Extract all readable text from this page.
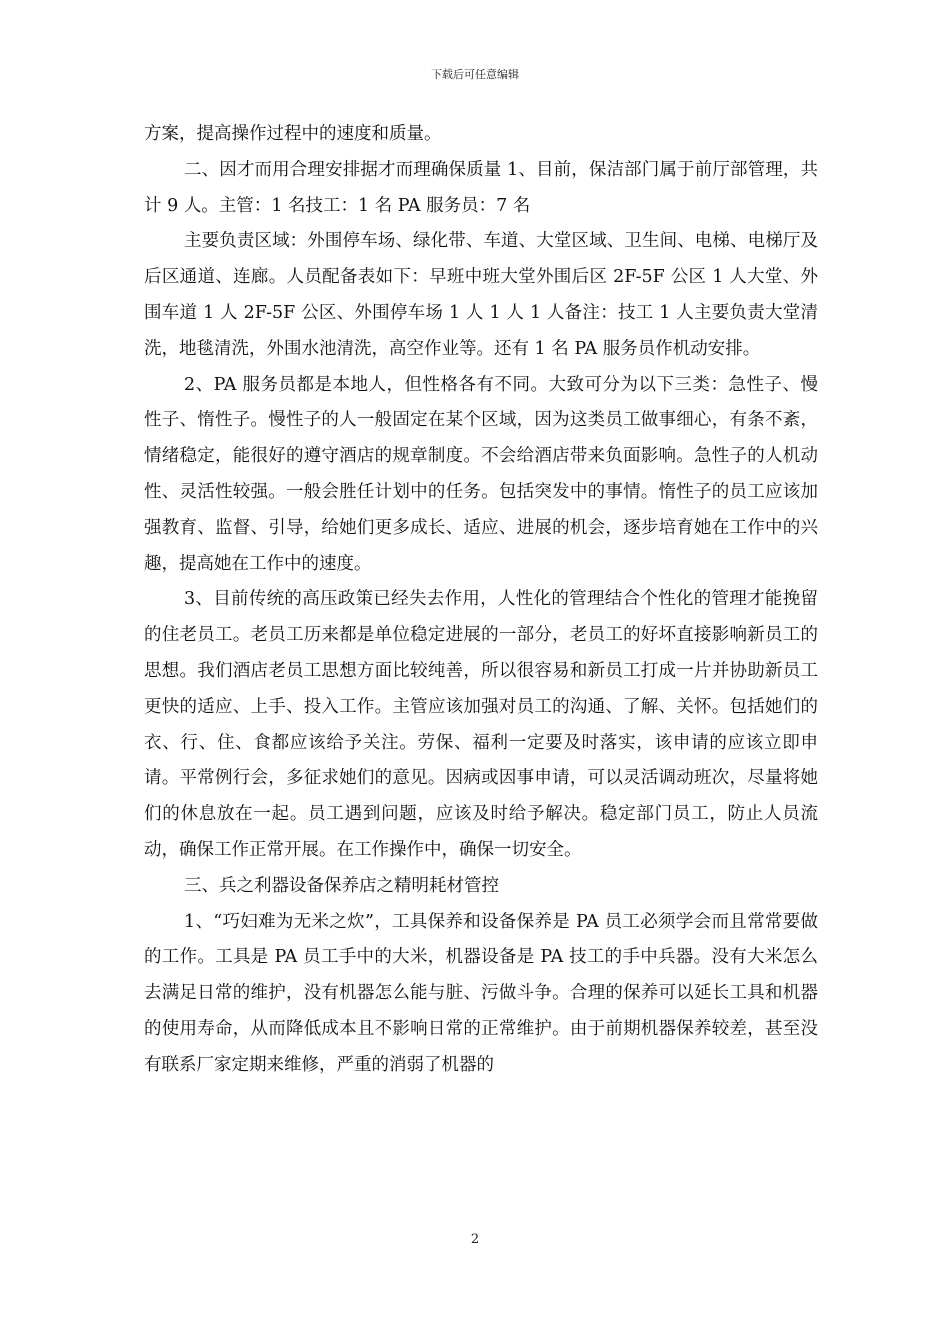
下载后可任意编辑

方案，提高操作过程中的速度和质量。

二、因才而用合理安排据才而理确保质量 1、目前，保洁部门属于前厅部管理，共计 9 人。主管：1 名技工：1 名 PA 服务员：7 名

主要负责区域：外围停车场、绿化带、车道、大堂区域、卫生间、电梯、电梯厅及后区通道、连廊。人员配备表如下：早班中班大堂外围后区 2F-5F 公区 1 人大堂、外围车道 1 人 2F-5F 公区、外围停车场 1 人 1 人 1 人备注：技工 1 人主要负责大堂清洗，地毯清洗，外围水池清洗，高空作业等。还有 1 名 PA 服务员作机动安排。

2、PA 服务员都是本地人，但性格各有不同。大致可分为以下三类：急性子、慢性子、惰性子。慢性子的人一般固定在某个区域，因为这类员工做事细心，有条不紊，情绪稳定，能很好的遵守酒店的规章制度。不会给酒店带来负面影响。急性子的人机动性、灵活性较强。一般会胜任计划中的任务。包括突发中的事情。惰性子的员工应该加强教育、监督、引导，给她们更多成长、适应、进展的机会，逐步培育她在工作中的兴趣，提高她在工作中的速度。

3、目前传统的高压政策已经失去作用，人性化的管理结合个性化的管理才能挽留的住老员工。老员工历来都是单位稳定进展的一部分，老员工的好坏直接影响新员工的思想。我们酒店老员工思想方面比较纯善，所以很容易和新员工打成一片并协助新员工更快的适应、上手、投入工作。主管应该加强对员工的沟通、了解、关怀。包括她们的衣、行、住、食都应该给予关注。劳保、福利一定要及时落实，该申请的应该立即申请。平常例行会，多征求她们的意见。因病或因事申请，可以灵活调动班次，尽量将她们的休息放在一起。员工遇到问题，应该及时给予解决。稳定部门员工，防止人员流动，确保工作正常开展。在工作操作中，确保一切安全。

三、兵之利器设备保养店之精明耗材管控

1、“巧妇难为无米之炊”，工具保养和设备保养是 PA 员工必须学会而且常常要做的工作。工具是 PA 员工手中的大米，机器设备是 PA 技工的手中兵器。没有大米怎么去满足日常的维护，没有机器怎么能与脏、污做斗争。合理的保养可以延长工具和机器的使用寿命，从而降低成本且不影响日常的正常维护。由于前期机器保养较差，甚至没有联系厂家定期来维修，严重的消弱了机器的

2
